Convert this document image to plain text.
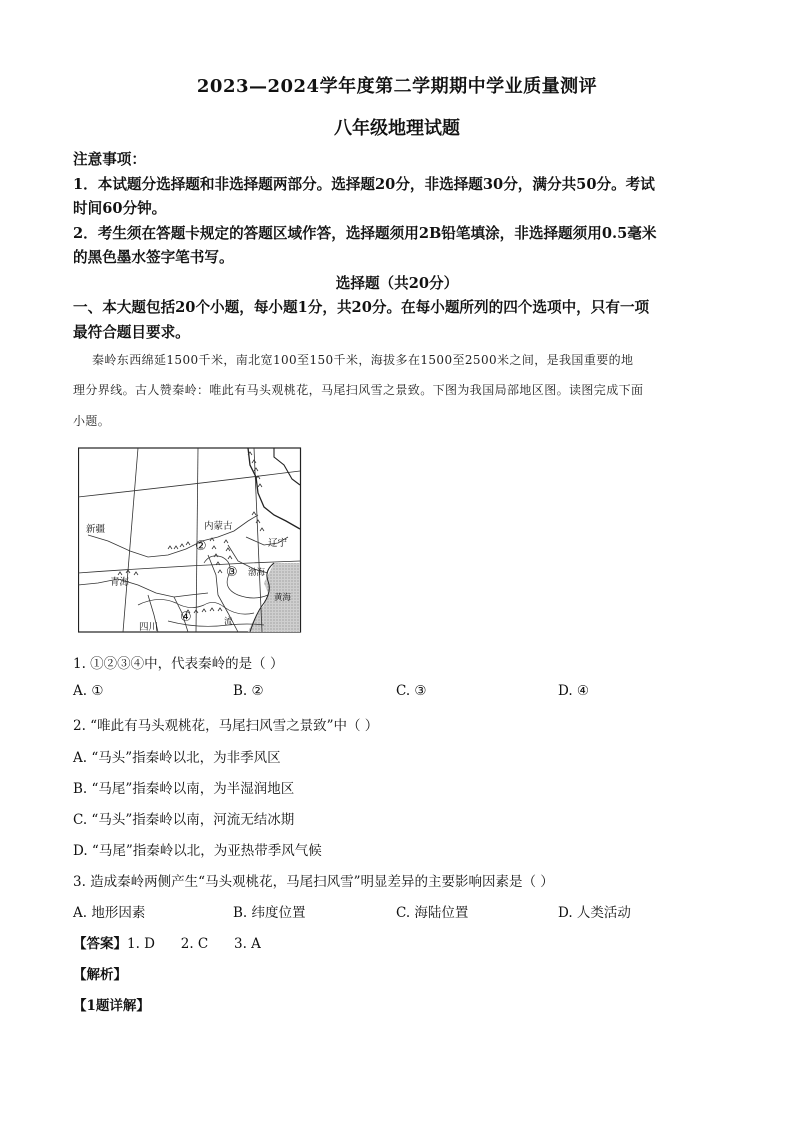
2023—2024学年度第二学期期中学业质量测评
八年级地理试题
注意事项：
1．本试题分选择题和非选择题两部分。选择题20分，非选择题30分，满分共50分。考试
时间60分钟。
2．考生须在答题卡规定的答题区域作答，选择题须用2B铅笔填涂，非选择题须用0.5毫米
的黑色墨水签字笔书写。
选择题（共20分）
一、本大题包括20个小题，每小题1分，共20分。在每小题所列的四个选项中，只有一项
最符合题目要求。
秦岭东西绵延1500千米，南北宽100至150千米，海拔多在1500至2500米之间，是我国重要的地
理分界线。古人赞秦岭：唯此有马头观桃花，马尾扫风雪之景致。下图为我国局部地区图。读图完成下面
小题。
新疆	内蒙古
辽宁
青海
四川
渤海
黄海
流
②
③
④
1. ①②③④中，代表秦岭的是（ ）
A. ①	B. ②	C. ③	D. ④
2. “唯此有马头观桃花，马尾扫风雪之景致”中（ ）
A. “马头”指秦岭以北，为非季风区
B. “马尾”指秦岭以南，为半湿润地区
C. “马头”指秦岭以南，河流无结冰期
D. “马尾”指秦岭以北，为亚热带季风气候
3. 造成秦岭两侧产生“马头观桃花，马尾扫风雪”明显差异的主要影响因素是（ ）
A. 地形因素	B. 纬度位置	C. 海陆位置	D. 人类活动
【答案】1. D      2. C      3. A
【解析】
【1题详解】
